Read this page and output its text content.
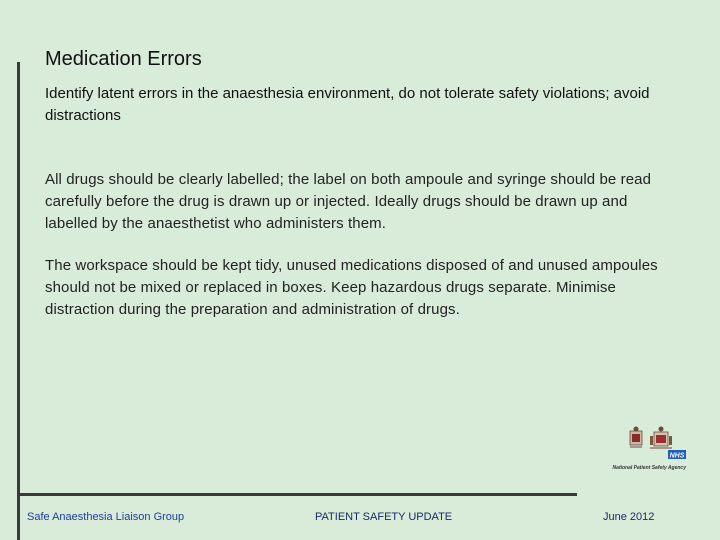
Medication Errors
Identify latent errors in the anaesthesia environment, do not tolerate safety violations; avoid distractions
All drugs should be clearly labelled; the label on both ampoule and syringe should be read carefully before the drug is drawn up or injected. Ideally drugs should be drawn up and labelled by the anaesthetist who administers them.
The workspace should be kept tidy, unused medications disposed of and unused ampoules should not be mixed or replaced in boxes. Keep hazardous drugs separate. Minimise distraction during the preparation and administration of drugs.
NHS
National Patient Safety Agency
Safe Anaesthesia Liaison Group	PATIENT SAFETY UPDATE	June 2012
